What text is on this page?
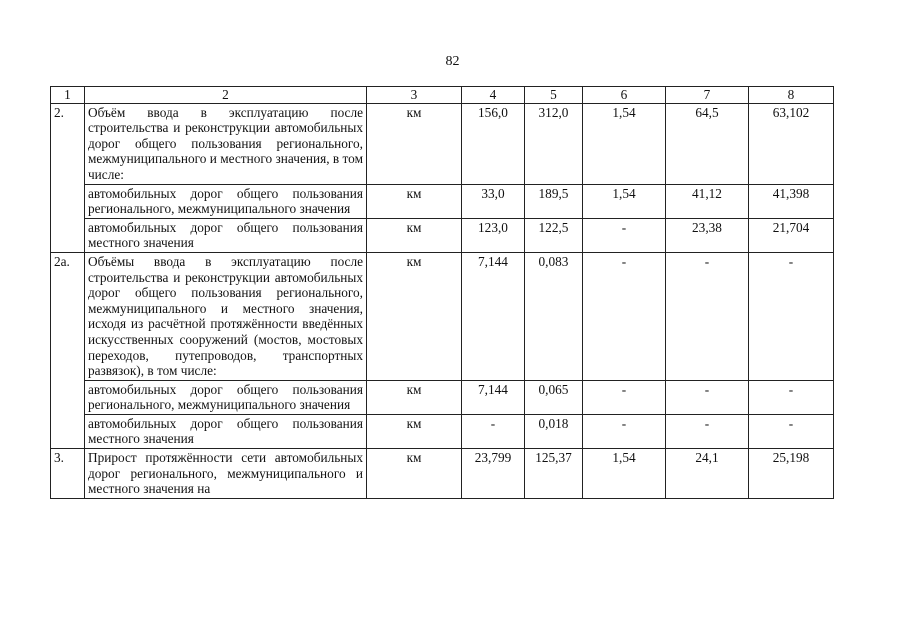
82
1	2	3	4	5	6	7	8
2.	Объём ввода в эксплуатацию после строительства и реконструкции автомобильных дорог общего пользования регионального, межмуниципального и местного значения, в том числе:	км	156,0	312,0	1,54	64,5	63,102
	автомобильных дорог общего пользования регионального, межмуниципального значения	км	33,0	189,5	1,54	41,12	41,398
	автомобильных дорог общего пользования местного значения	км	123,0	122,5	-	23,38	21,704
2а.	Объёмы ввода в эксплуатацию после строительства и реконструкции автомобильных дорог общего пользования регионального, межмуниципального и местного значения, исходя из расчётной протяжённости введённых искусственных сооружений (мостов, мостовых переходов, путепроводов, транспортных развязок), в том числе:	км	7,144	0,083	-	-	-
	автомобильных дорог общего пользования регионального, межмуниципального значения	км	7,144	0,065	-	-	-
	автомобильных дорог общего пользования местного значения	км	-	0,018	-	-	-
3.	Прирост протяжённости сети автомобильных дорог регионального, межмуниципального и местного значения на	км	23,799	125,37	1,54	24,1	25,198
